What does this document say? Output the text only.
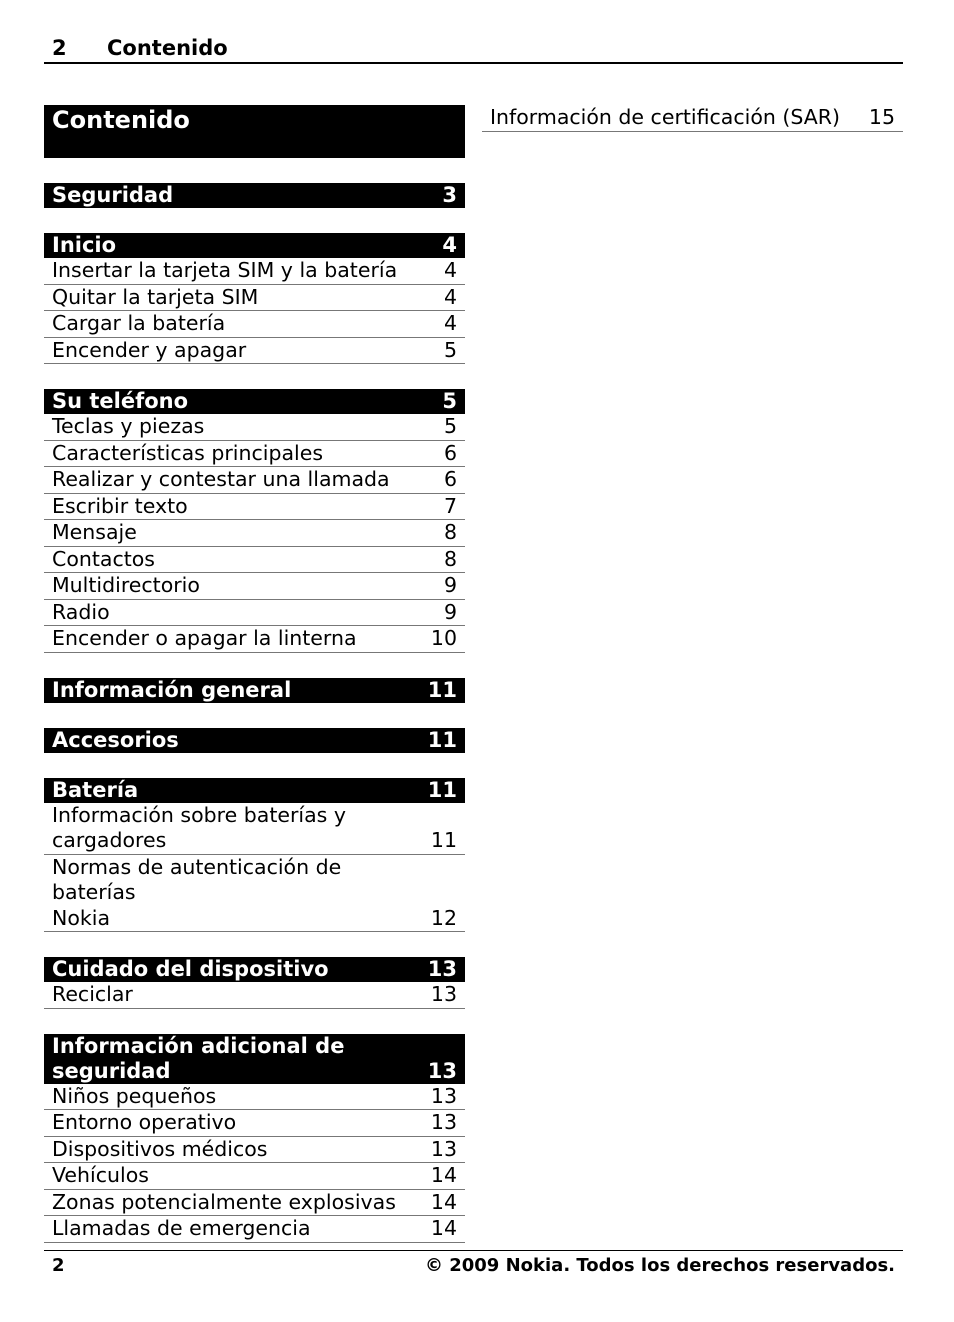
2 Contenido
Contenido
Seguridad	3
Inicio	4
Insertar la tarjeta SIM y la batería 4
Quitar la tarjeta SIM	4
Cargar la batería	4
Encender y apagar	5
Su teléfono	5
Teclas y piezas	5
Características principales	6
Realizar y contestar una llamada	6
Escribir texto	7
Mensaje	8
Contactos	8
Multidirectorio	9
Radio	9
Encender o apagar la linterna	10
Información general	11
Accesorios	11
Batería	11
Información sobre baterías y
cargadores	11
Normas de autenticación de baterías
Nokia	12
Cuidado del dispositivo	13
Reciclar	13
Información adicional de
seguridad	13
Niños pequeños	13
Entorno operativo	13
Dispositivos médicos	13
Vehículos	14
Zonas potencialmente explosivas 14
Llamadas de emergencia	14
Información de certificación (SAR) 15
2	© 2009 Nokia. Todos los derechos reservados.
